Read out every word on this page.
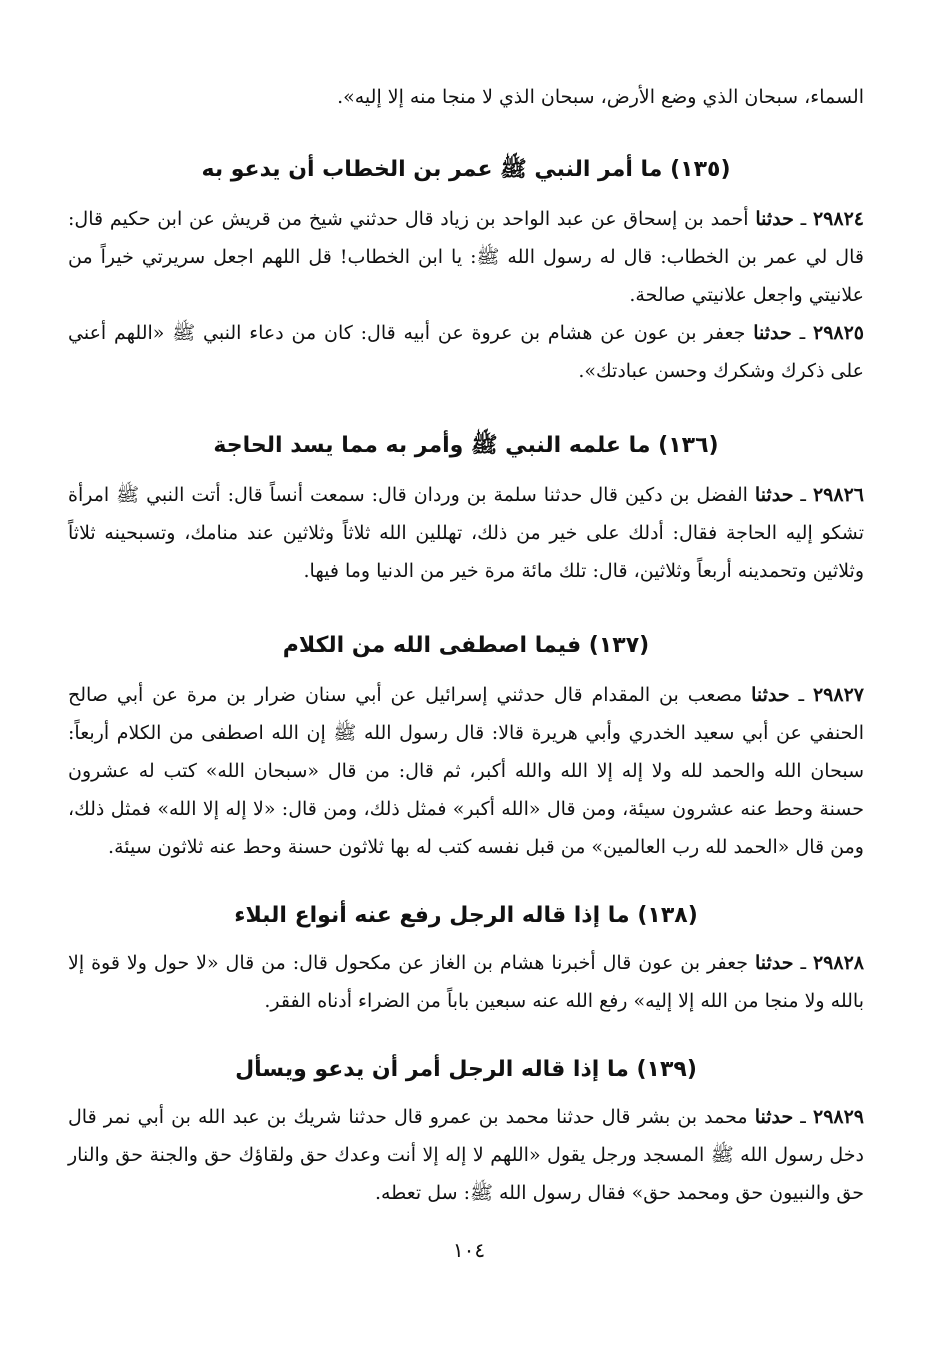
السماء، سبحان الذي وضع الأرض، سبحان الذي لا منجا منه إلا إليه».

(١٣٥) ما أمر النبي ﷺ عمر بن الخطاب أن يدعو به

٢٩٨٢٤ ـ حدثنا أحمد بن إسحاق عن عبد الواحد بن زياد قال حدثني شيخ من قريش عن ابن حكيم قال: قال لي عمر بن الخطاب: قال له رسول الله ﷺ: يا ابن الخطاب! قل اللهم اجعل سريرتي خيراً من علانيتي واجعل علانيتي صالحة.

٢٩٨٢٥ ـ حدثنا جعفر بن عون عن هشام بن عروة عن أبيه قال: كان من دعاء النبي ﷺ «اللهم أعني على ذكرك وشكرك وحسن عبادتك».

(١٣٦) ما علمه النبي ﷺ وأمر به مما يسد الحاجة

٢٩٨٢٦ ـ حدثنا الفضل بن دكين قال حدثنا سلمة بن وردان قال: سمعت أنساً قال: أتت النبي ﷺ امرأة تشكو إليه الحاجة فقال: أدلك على خير من ذلك، تهللين الله ثلاثاً وثلاثين عند منامك، وتسبحينه ثلاثاً وثلاثين وتحمدينه أربعاً وثلاثين، قال: تلك مائة مرة خير من الدنيا وما فيها.

(١٣٧) فيما اصطفى الله من الكلام

٢٩٨٢٧ ـ حدثنا مصعب بن المقدام قال حدثني إسرائيل عن أبي سنان ضرار بن مرة عن أبي صالح الحنفي عن أبي سعيد الخدري وأبي هريرة قالا: قال رسول الله ﷺ إن الله اصطفى من الكلام أربعاً: سبحان الله والحمد لله ولا إله إلا الله والله أكبر، ثم قال: من قال «سبحان الله» كتب له عشرون حسنة وحط عنه عشرون سيئة، ومن قال «الله أكبر» فمثل ذلك، ومن قال: «لا إله إلا الله» فمثل ذلك، ومن قال «الحمد لله رب العالمين» من قبل نفسه كتب له بها ثلاثون حسنة وحط عنه ثلاثون سيئة.

(١٣٨) ما إذا قاله الرجل رفع عنه أنواع البلاء

٢٩٨٢٨ ـ حدثنا جعفر بن عون قال أخبرنا هشام بن الغاز عن مكحول قال: من قال «لا حول ولا قوة إلا بالله ولا منجا من الله إلا إليه» رفع الله عنه سبعين باباً من الضراء أدناه الفقر.

(١٣٩) ما إذا قاله الرجل أمر أن يدعو ويسأل

٢٩٨٢٩ ـ حدثنا محمد بن بشر قال حدثنا محمد بن عمرو قال حدثنا شريك بن عبد الله بن أبي نمر قال دخل رسول الله ﷺ المسجد ورجل يقول «اللهم لا إله إلا أنت وعدك حق ولقاؤك حق والجنة حق والنار حق والنبيون حق ومحمد حق» فقال رسول الله ﷺ: سل تعطه.

١٠٤
